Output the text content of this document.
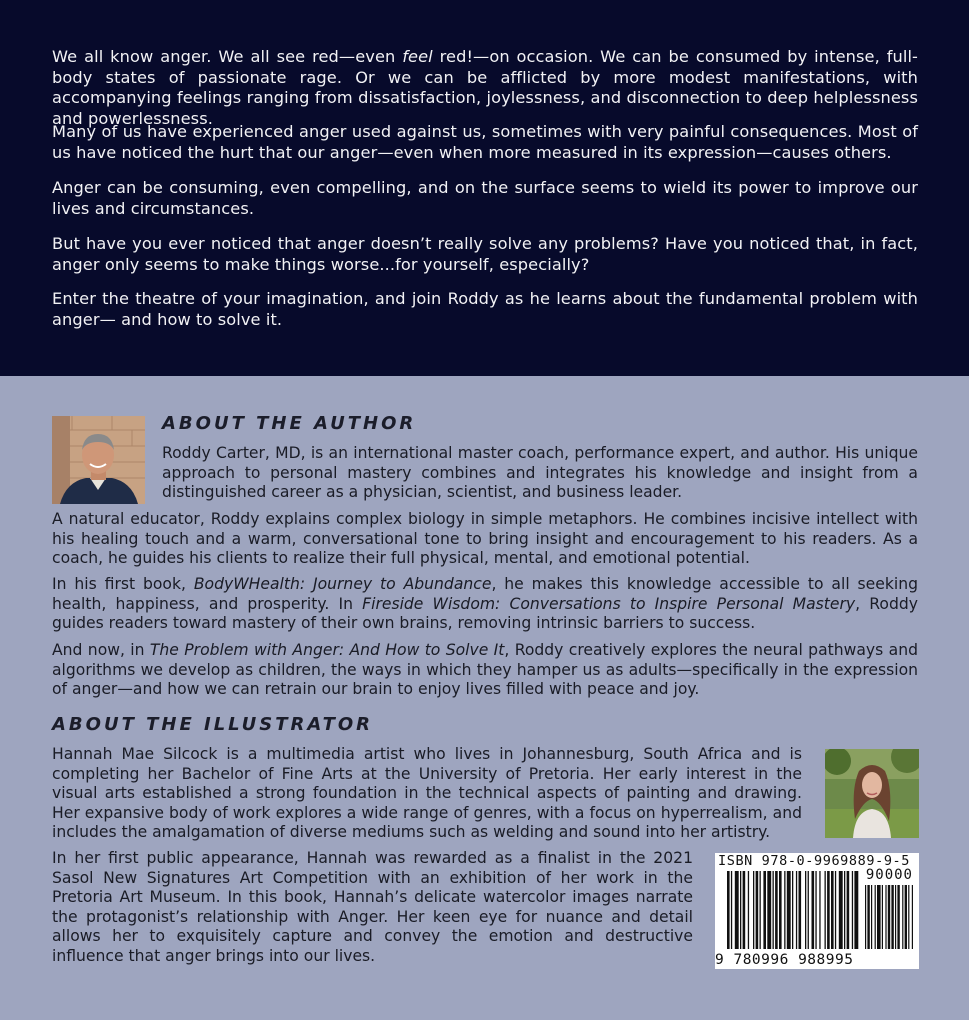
We all know anger. We all see red—even feel red!—on occasion. We can be consumed by intense, full-body states of passionate rage. Or we can be afflicted by more modest manifestations, with accompanying feelings ranging from dissatisfaction, joylessness, and disconnection to deep helplessness and powerlessness.

Many of us have experienced anger used against us, sometimes with very painful consequences. Most of us have noticed the hurt that our anger—even when more measured in its expression—causes others.

Anger can be consuming, even compelling, and on the surface seems to wield its power to improve our lives and circumstances.

But have you ever noticed that anger doesn’t really solve any problems? Have you noticed that, in fact, anger only seems to make things worse...for yourself, especially?

Enter the theatre of your imagination, and join Roddy as he learns about the fundamental problem with anger— and how to solve it.

ABOUT THE AUTHOR

Roddy Carter, MD, is an international master coach, performance expert, and author. His unique approach to personal mastery combines and integrates his knowledge and insight from a distinguished career as a physician, scientist, and business leader.

A natural educator, Roddy explains complex biology in simple metaphors. He combines incisive intellect with his healing touch and a warm, conversational tone to bring insight and encouragement to his readers. As a coach, he guides his clients to realize their full physical, mental, and emotional potential.

In his first book, BodyWHealth: Journey to Abundance, he makes this knowledge accessible to all seeking health, happiness, and prosperity. In Fireside Wisdom: Conversations to Inspire Personal Mastery, Roddy guides readers toward mastery of their own brains, removing intrinsic barriers to success.

And now, in The Problem with Anger: And How to Solve It, Roddy creatively explores the neural pathways and algorithms we develop as children, the ways in which they hamper us as adults—specifically in the expression of anger—and how we can retrain our brain to enjoy lives filled with peace and joy.

ABOUT THE ILLUSTRATOR

Hannah Mae Silcock is a multimedia artist who lives in Johannesburg, South Africa and is completing her Bachelor of Fine Arts at the University of Pretoria. Her early interest in the visual arts established a strong foundation in the technical aspects of painting and drawing. Her expansive body of work explores a wide range of genres, with a focus on hyperrealism, and includes the amalgamation of diverse mediums such as welding and sound into her artistry.

In her first public appearance, Hannah was rewarded as a finalist in the 2021 Sasol New Signatures Art Competition with an exhibition of her work in the Pretoria Art Museum. In this book, Hannah’s delicate watercolor images narrate the protagonist’s relationship with Anger. Her keen eye for nuance and detail allows her to exquisitely capture and convey the emotion and destructive influence that anger brings into our lives.

ISBN 978-0-9969889-9-5
90000
9 780996 988995
